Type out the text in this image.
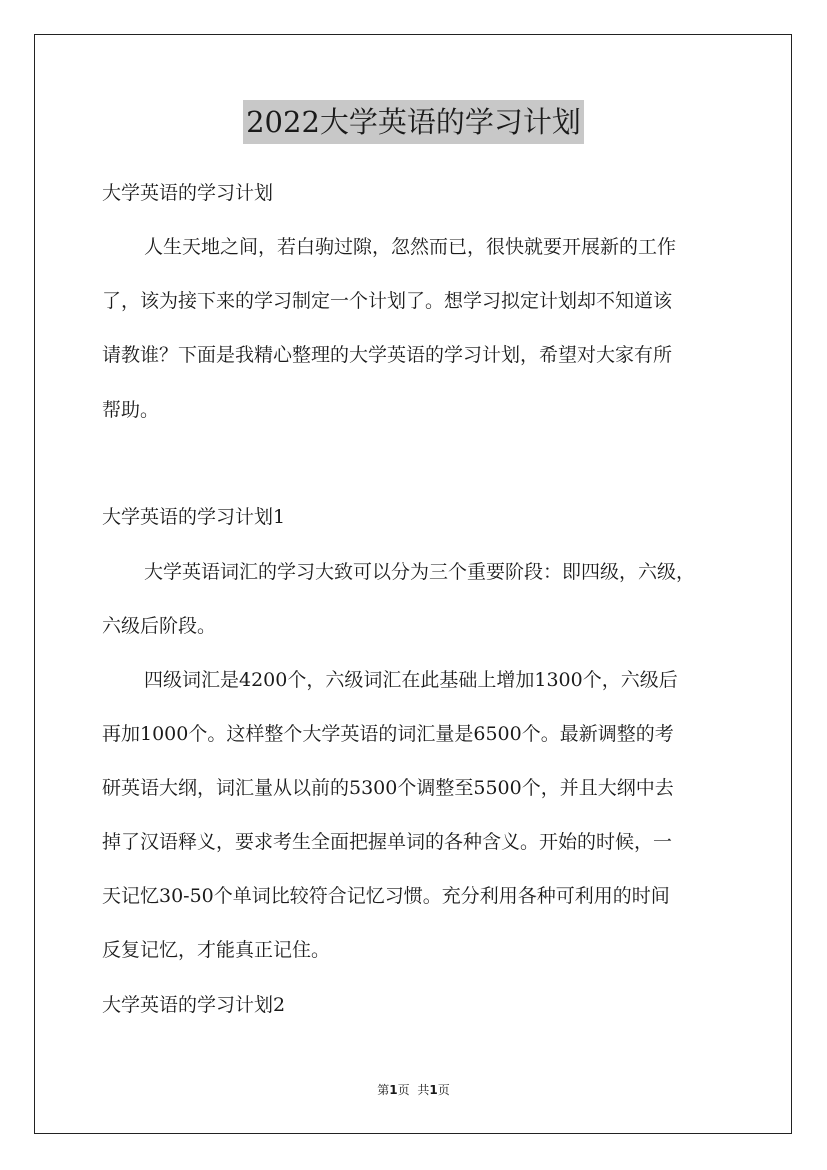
2022大学英语的学习计划
大学英语的学习计划
人生天地之间，若白驹过隙，忽然而已，很快就要开展新的工作
了，该为接下来的学习制定一个计划了。想学习拟定计划却不知道该
请教谁？下面是我精心整理的大学英语的学习计划，希望对大家有所
帮助。
大学英语的学习计划1
大学英语词汇的学习大致可以分为三个重要阶段：即四级，六级，
六级后阶段。
四级词汇是4200个，六级词汇在此基础上增加1300个，六级后
再加1000个。这样整个大学英语的词汇量是6500个。最新调整的考
研英语大纲，词汇量从以前的5300个调整至5500个，并且大纲中去
掉了汉语释义，要求考生全面把握单词的各种含义。开始的时候，一
天记忆30-50个单词比较符合记忆习惯。充分利用各种可利用的时间
反复记忆，才能真正记住。
大学英语的学习计划2
第1页 共1页
